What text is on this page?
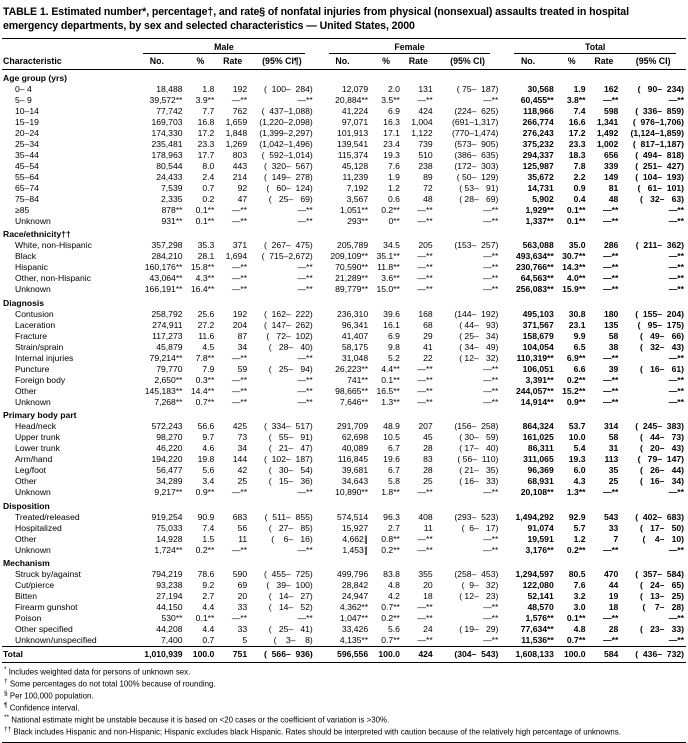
TABLE 1. Estimated number*, percentage†, and rate§ of nonfatal injuries from physical (nonsexual) assaults treated in hospital emergency departments, by sex and selected characteristics — United States, 2000

	Male				Female				Total			

Characteristic	No.	%	Rate	(95% CI¶)	No.	%	Rate	(95% CI)	No.	%	Rate	(95% CI)
Age group (yrs)												
0– 4	18,488	1.8	192	(  100–  284)	12,079	2.0	131	( 75–  187)	30,568	1.9	162	(   90–  234)
5– 9	39,572**	3.9**	—**	—**	20,884**	3.5**	—**	—**	60,455**	3.8**	—**	—**
10–14	77,742	7.7	762	(  437–1,088)	41,224	6.9	424	(224–  625)	118,966	7.4	598	(  336–  859)
15–19	169,703	16.8	1,659	(1,220–2,098)	97,071	16.3	1,004	(691–1,317)	266,774	16.6	1,341	(  976–1,706)
20–24	174,330	17.2	1,848	(1,399–2,297)	101,913	17.1	1,122	(770–1,474)	276,243	17.2	1,492	(1,124–1,859)
25–34	235,481	23.3	1,269	(1,042–1,496)	139,541	23.4	739	(573–  905)	375,232	23.3	1,002	(  817–1,187)
35–44	178,963	17.7	803	(  592–1,014)	115,374	19.3	510	(386–  635)	294,337	18.3	656	(  494–  818)
45–54	80,544	8.0	443	(  320–  567)	45,128	7.6	238	(172–  303)	125,987	7.8	339	(  251–  427)
55–64	24,433	2.4	214	(  149–  278)	11,239	1.9	89	( 50–  129)	35,672	2.2	149	(  104–  193)
65–74	7,539	0.7	92	(   60–  124)	7,192	1.2	72	( 53–   91)	14,731	0.9	81	(   61–  101)
75–84	2,335	0.2	47	(   25–   69)	3,567	0.6	48	( 28–   69)	5,902	0.4	48	(   32–   63)
≥85	878**	0.1**	—**	—**	1,051**	0.2**	—**	—**	1,929**	0.1**	—**	—**
Unknown	931**	0.1**	—**	—**	293**	0**	—**	—**	1,337**	0.1**	—**	—**
Race/ethnicity††												
White, non-Hispanic	357,298	35.3	371	(  267–  475)	205,789	34.5	205	(153–  257)	563,088	35.0	286	(  211–  362)
Black	284,210	28.1	1,694	(  715–2,672)	209,109**	35.1**	—**	—**	493,634**	30.7**	—**	—**
Hispanic	160,176**	15.8**	—**	—**	70,590**	11.8**	—**	—**	230,766**	14.3**	—**	—**
Other, non-Hispanic	43,064**	4.3**	—**	—**	21,289**	3.6**	—**	—**	64,563**	4.0**	—**	—**
Unknown	166,191**	16.4**	—**	—**	89,779**	15.0**	—**	—**	256,083**	15.9**	—**	—**
Diagnosis												
Contusion	258,792	25.6	192	(  162–  222)	236,310	39.6	168	(144–  192)	495,103	30.8	180	(  155–  204)
Laceration	274,911	27.2	204	(  147–  262)	96,341	16.1	68	( 44–   93)	371,567	23.1	135	(   95–  175)
Fracture	117,273	11.6	87	(   72–  102)	41,407	6.9	29	( 25–   34)	158,679	9.9	58	(   49–   66)
Strain/sprain	45,879	4.5	34	(   28–   40)	58,175	9.8	41	( 34–   49)	104,054	6.5	38	(   32–   43)
Internal injuries	79,214**	7.8**	—**	—**	31,048	5.2	22	( 12–   32)	110,319**	6.9**	—**	—**
Puncture	79,770	7.9	59	(   25–   94)	26,223**	4.4**	—**	—**	106,051	6.6	39	(   16–   61)
Foreign body	2,650**	0.3**	—**	—**	741**	0.1**	—**	—**	3,391**	0.2**	—**	—**
Other	145,183**	14.4**	—**	—**	98,665**	16.5**	—**	—**	244,057**	15.2**	—**	—**
Unknown	7,268**	0.7**	—**	—**	7,646**	1.3**	—**	—**	14,914**	0.9**	—**	—**
Primary body part												
Head/neck	572,243	56.6	425	(  334–  517)	291,709	48.9	207	(156–  258)	864,324	53.7	314	(  245–  383)
Upper trunk	98,270	9.7	73	(   55–   91)	62,698	10.5	45	( 30–   59)	161,025	10.0	58	(   44–   73)
Lower trunk	46,220	4.6	34	(   21–   47)	40,089	6.7	28	( 17–   40)	86,311	5.4	31	(   20–   43)
Arm/hand	194,220	19.8	144	(  102–  187)	116,845	19.6	83	( 56–  110)	311,065	19.3	113	(   79–  147)
Leg/foot	56,477	5.6	42	(   30–   54)	39,681	6.7	28	( 21–   35)	96,369	6.0	35	(   26–   44)
Other	34,289	3.4	25	(   15–   36)	34,643	5.8	25	( 16–   33)	68,931	4.3	25	(   16–   34)
Unknown	9,217**	0.9**	—**	—**	10,890**	1.8**	—**	—**	20,108**	1.3**	—**	—**
Disposition												
Treated/released	919,254	90.9	683	(  511–  855)	574,514	96.3	408	(293–  523)	1,494,292	92.9	543	(  402–  683)
Hospitalized	75,033	7.4	56	(   27–   85)	15,927	2.7	11	(  6–   17)	91,074	5.7	33	(   17–   50)
Other	14,928	1.5	11	(    6–   16)	4,662∥	0.8**	—**	—**	19,591	1.2	7	(    4–   10)
Unknown	1,724**	0.2**	—**	—**	1,453∥	0.2**	—**	—**	3,176**	0.2**	—**	—**
Mechanism												
Struck by/against	794,219	78.6	590	(  455–  725)	499,796	83.8	355	(258–  453)	1,294,597	80.5	470	(  357–  584)
Cut/pierce	93,238	9.2	69	(   39–  100)	28,842	4.8	20	(  9–   32)	122,080	7.6	44	(   24–   65)
Bitten	27,194	2.7	20	(   14–   27)	24,947	4.2	18	( 12–   23)	52,141	3.2	19	(   13–   25)
Firearm gunshot	44,150	4.4	33	(   14–   52)	4,362**	0.7**	—**	—**	48,570	3.0	18	(    7–   28)
Poison	530**	0.1**	—**	—**	1,047**	0.2**	—**	—**	1,576**	0.1**	—**	—**
Other specified	44,208	4.4	33	(   25–   41)	33,426	5.6	24	( 19–   29)	77,634**	4.8	28	(   23–   33)
Unknown/unspecified	7,400	0.7	5	(    3–    8)	4,135**	0.7**	—**	—**	11,536**	0.7**	—**	—**
Total	1,010,939	100.0	751	(  566–  936)	596,556	100.0	424	(304–  543)	1,608,133	100.0	584	(  436–  732)
* Includes weighted data for persons of unknown sex.
† Some percentages do not total 100% because of rounding.
§ Per 100,000 population.
¶ Confidence interval.
** National estimate might be unstable because it is based on <20 cases or the coefficient of variation is >30%.
†† Black includes Hispanic and non-Hispanic; Hispanic excludes black Hispanic. Rates should be interpreted with caution because of the relatively high percentage of unknowns.
